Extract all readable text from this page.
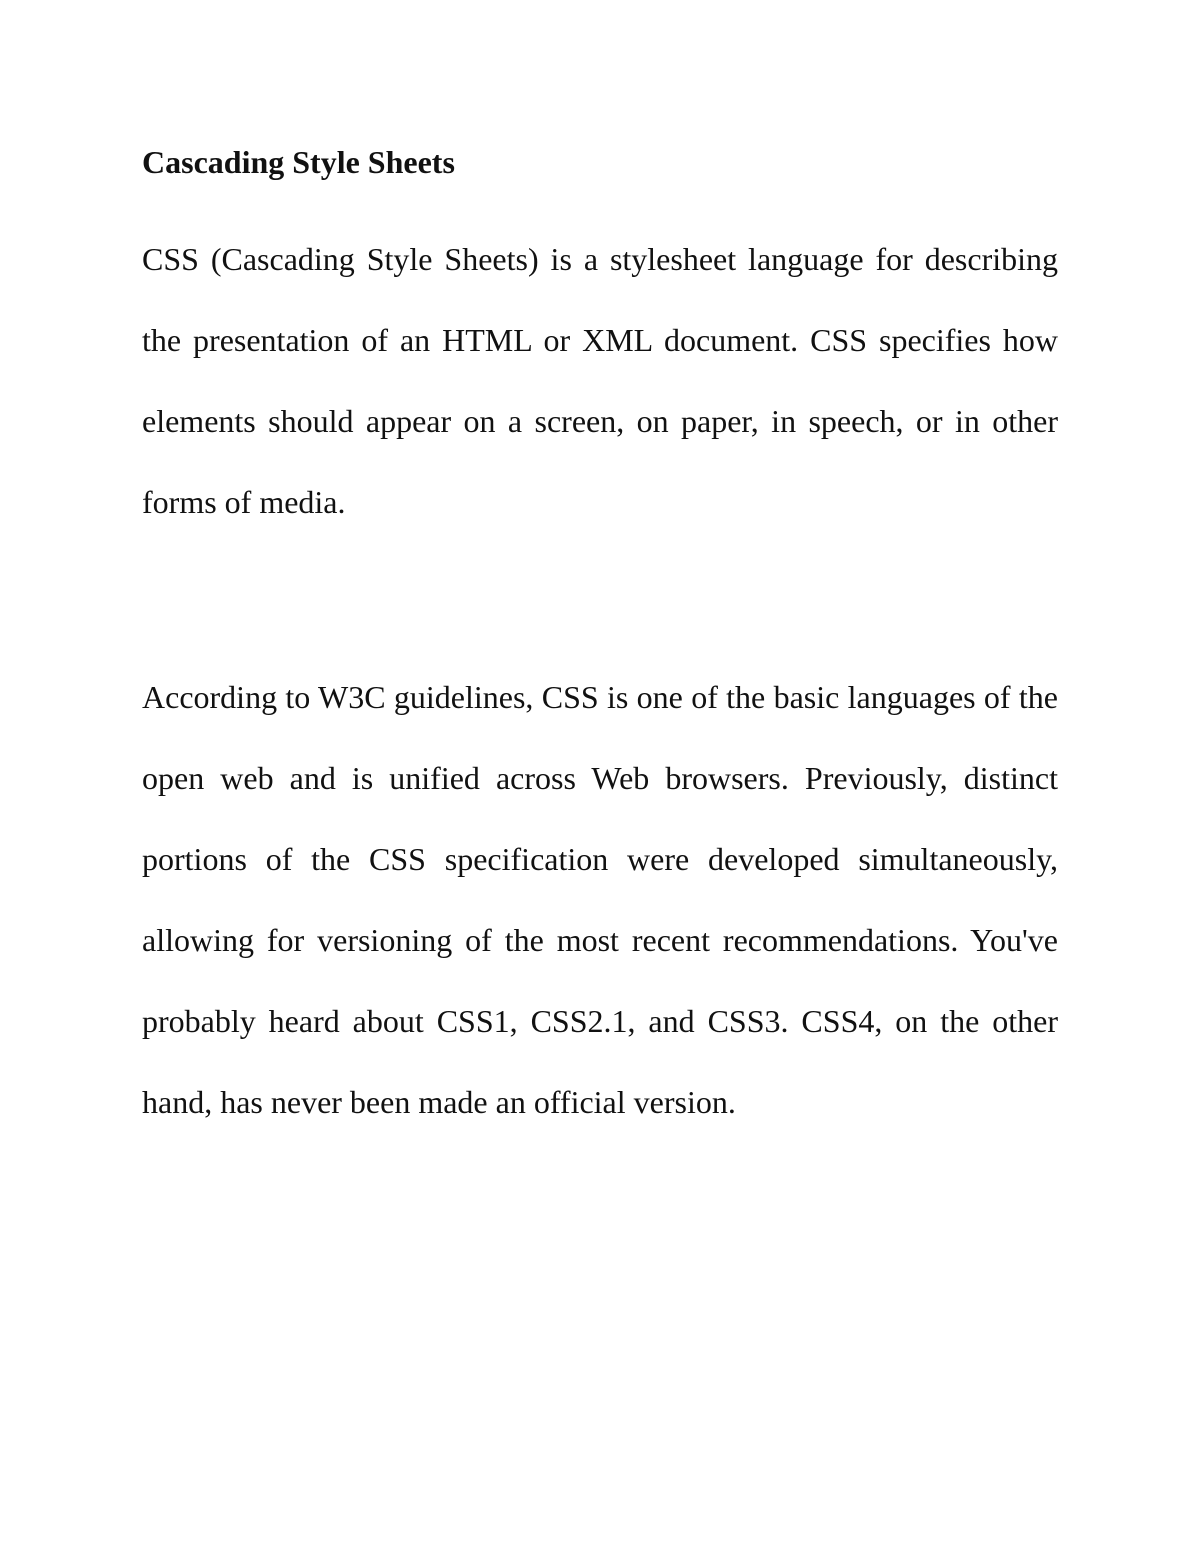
Cascading Style Sheets

CSS (Cascading Style Sheets) is a stylesheet language for describing the presentation of an HTML or XML document. CSS specifies how elements should appear on a screen, on paper, in speech, or in other forms of media.

According to W3C guidelines, CSS is one of the basic languages of the open web and is unified across Web browsers. Previously, distinct portions of the CSS specification were developed simultaneously, allowing for versioning of the most recent recommendations. You've probably heard about CSS1, CSS2.1, and CSS3. CSS4, on the other hand, has never been made an official version.
